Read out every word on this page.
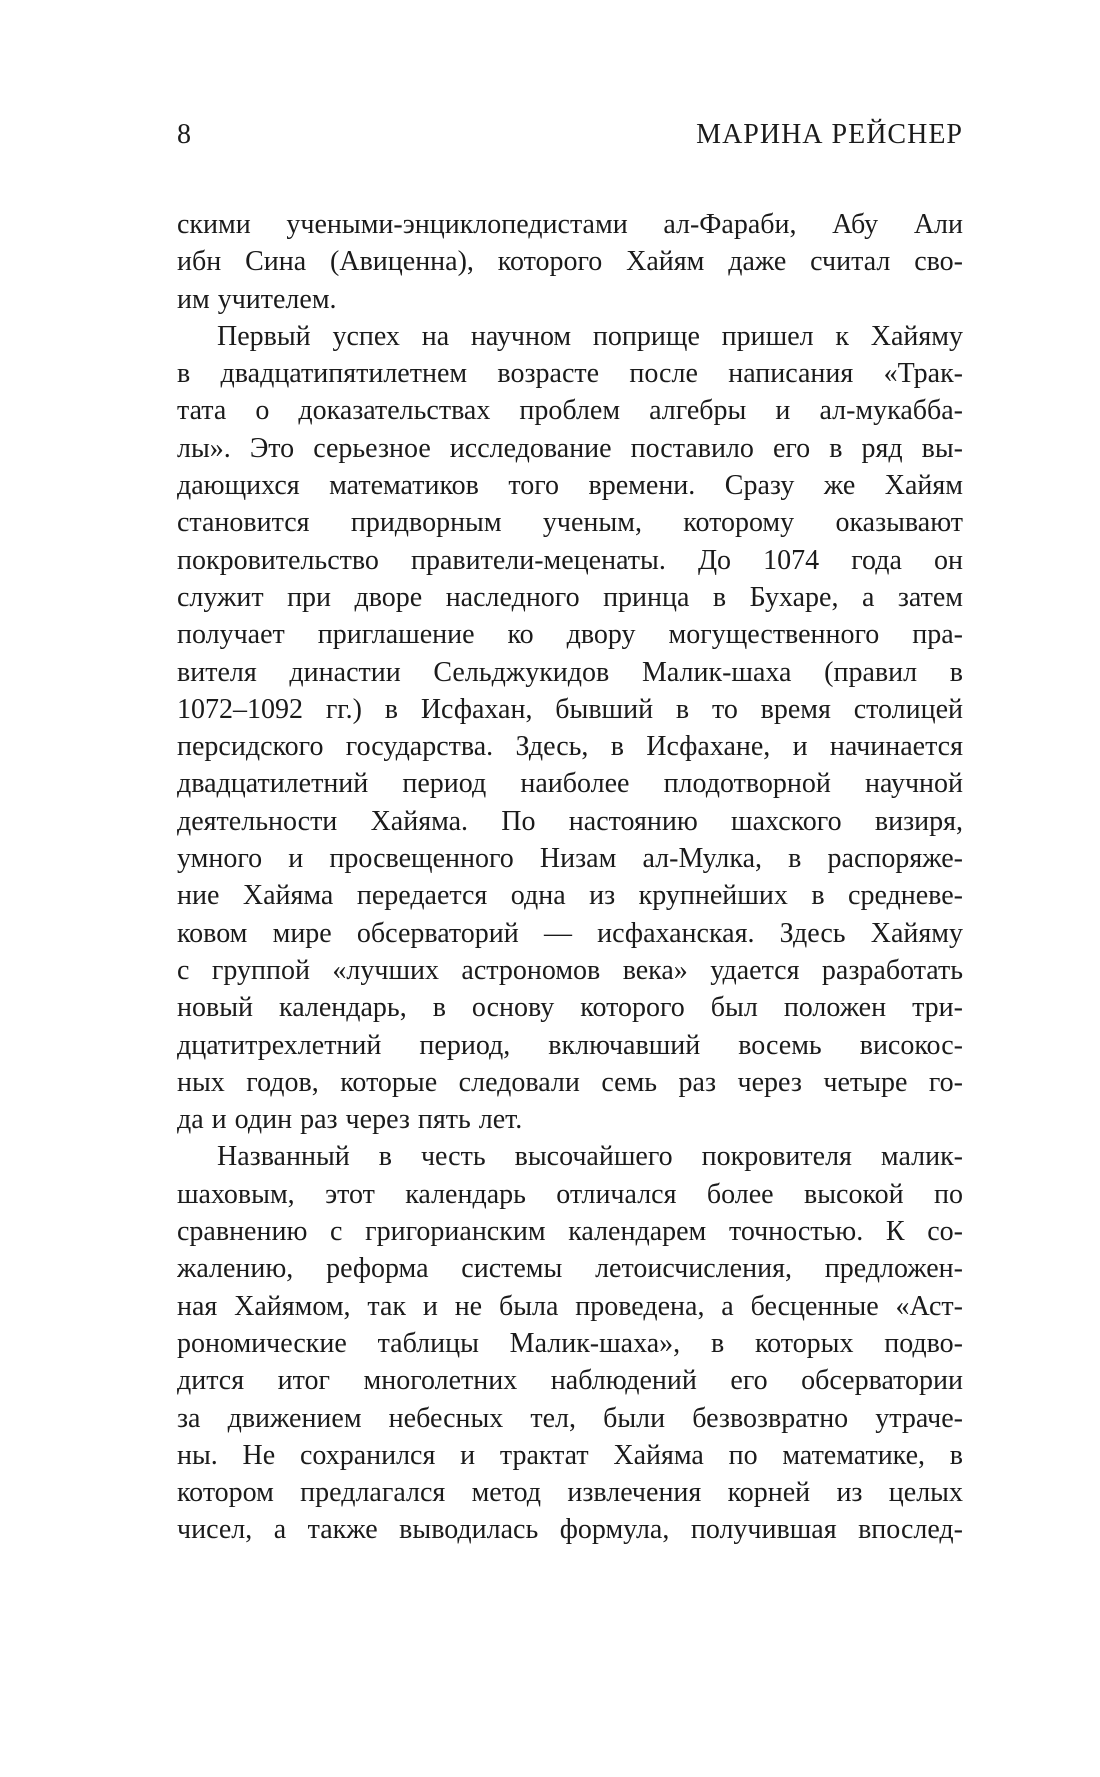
8	МАРИНА РЕЙСНЕР
скими учеными-энциклопедистами ал-Фараби, Абу Али
ибн Сина (Авиценна), которого Хайям даже считал сво-
им учителем.
Первый успех на научном поприще пришел к Хайяму
в двадцатипятилетнем возрасте после написания «Трак-
тата о доказательствах проблем алгебры и ал-мукабба-
лы». Это серьезное исследование поставило его в ряд вы-
дающихся математиков того времени. Сразу же Хайям
становится придворным ученым, которому оказывают
покровительство правители-меценаты. До 1074 года он
служит при дворе наследного принца в Бухаре, а затем
получает приглашение ко двору могущественного пра-
вителя династии Сельджукидов Малик-шаха (правил в
1072–1092 гг.) в Исфахан, бывший в то время столицей
персидского государства. Здесь, в Исфахане, и начинается
двадцатилетний период наиболее плодотворной научной
деятельности Хайяма. По настоянию шахского визиря,
умного и просвещенного Низам ал-Мулка, в распоряже-
ние Хайяма передается одна из крупнейших в средневе-
ковом мире обсерваторий — исфаханская. Здесь Хайяму
с группой «лучших астрономов века» удается разработать
новый календарь, в основу которого был положен три-
дцатитрехлетний период, включавший восемь високос-
ных годов, которые следовали семь раз через четыре го-
да и один раз через пять лет.
Названный в честь высочайшего покровителя малик-
шаховым, этот календарь отличался более высокой по
сравнению с григорианским календарем точностью. К со-
жалению, реформа системы летоисчисления, предложен-
ная Хайямом, так и не была проведена, а бесценные «Аст-
рономические таблицы Малик-шаха», в которых подво-
дится итог многолетних наблюдений его обсерватории
за движением небесных тел, были безвозвратно утраче-
ны. Не сохранился и трактат Хайяма по математике, в
котором предлагался метод извлечения корней из целых
чисел, а также выводилась формула, получившая впослед-
